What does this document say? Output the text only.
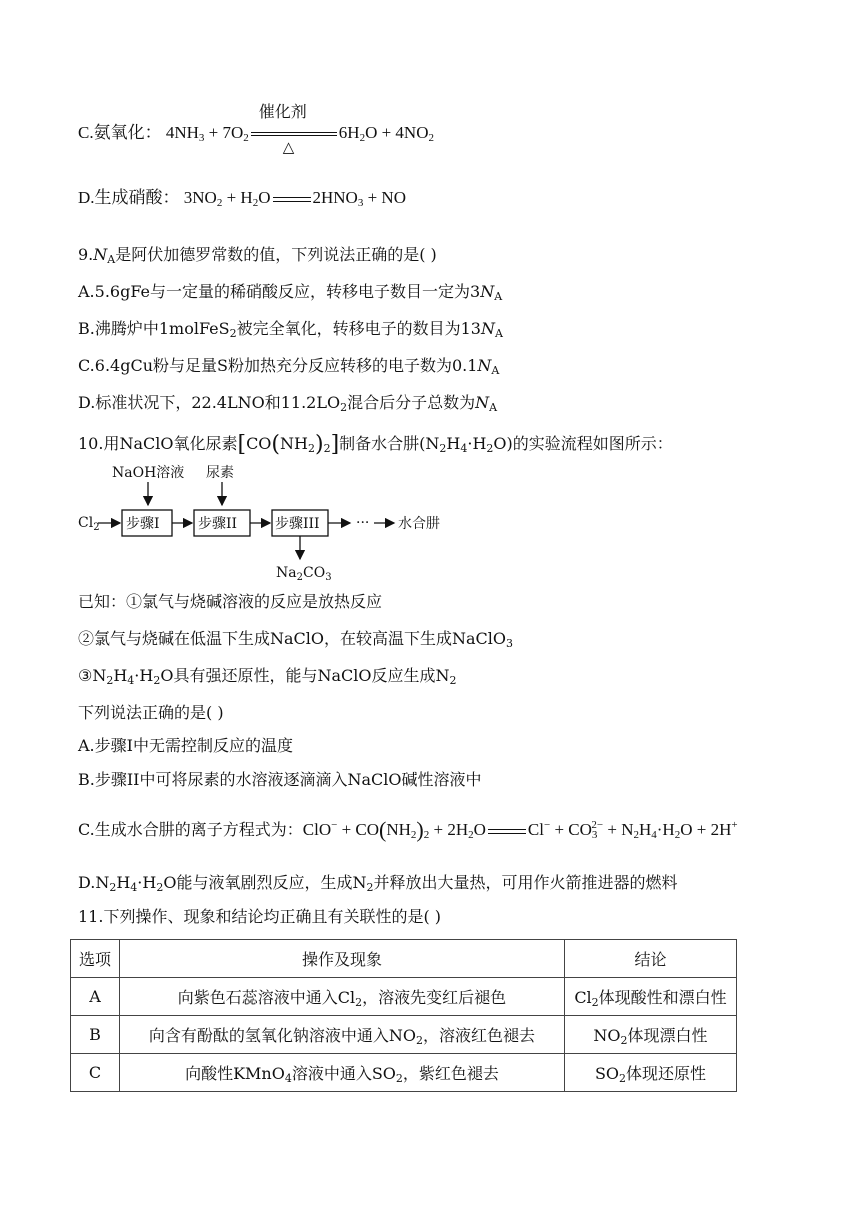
C.氨氧化： $4NH_3 + 7O_2$
催化剂
△
$6H_2O + 4NO_2$
D.生成硝酸： $3NO_2 + H_2O$ $2HNO_3$ + NO
$9.N_A$是阿伏加德罗常数的值，下列说法正确的是( )
A.5.6gFe与一定量的稀硝酸反应，转移电子数目一定为$3N_A$
B.沸腾炉中1molFeS$_2$被完全氧化，转移电子的数目为$13N_A$
C.6.4gCu粉与足量S粉加热充分反应转移的电子数为$0.1N_A$
D.标准状况下，22.4LNO和$11.2LO_2$混合后分子总数为$N_A$
10.用NaClO氧化尿素$[CO(NH_2)_2]$制备水合肼$(N_2H_4\cdot H_2O)$的实验流程如图所示：
NaOH溶液 尿素
$Cl_2$ 步骤I	步骤II	步骤III	··· 水合肼
$Na_2CO_3$
已知：①氯气与烧碱溶液的反应是放热反应
②氯气与烧碱在低温下生成NaClO，在较高温下生成NaClO$_3$
$③N_2H_4\cdot H_2O$具有强还原性，能与NaClO反应生成$N_2$
下列说法正确的是( )
A.步骤I中无需控制反应的温度
B.步骤II中可将尿素的水溶液逐滴滴入NaClO碱性溶液中
C.生成水合肼的离子方程式为：$ClO^- + CO(NH_2)_2 + 2H_2O$ $Cl^- + CO_3^{2-} + N_2H_4\cdot H_2O + 2H^+$
$D.N_2H_4\cdot H_2O$能与液氧剧烈反应，生成$N_2$并释放出大量热，可用作火箭推进器的燃料
11.下列操作、现象和结论均正确且有关联性的是( )
选项	操作及现象	结论
A	向紫色石蕊溶液中通入$Cl_2$，溶液先变红后褪色	$Cl_2$体现酸性和漂白性
B	向含有酚酞的氢氧化钠溶液中通入$NO_2$，溶液红色褪去	$NO_2$体现漂白性
C	向酸性KMnO$_4$溶液中通入$SO_2$，紫红色褪去	$SO_2$体现还原性
